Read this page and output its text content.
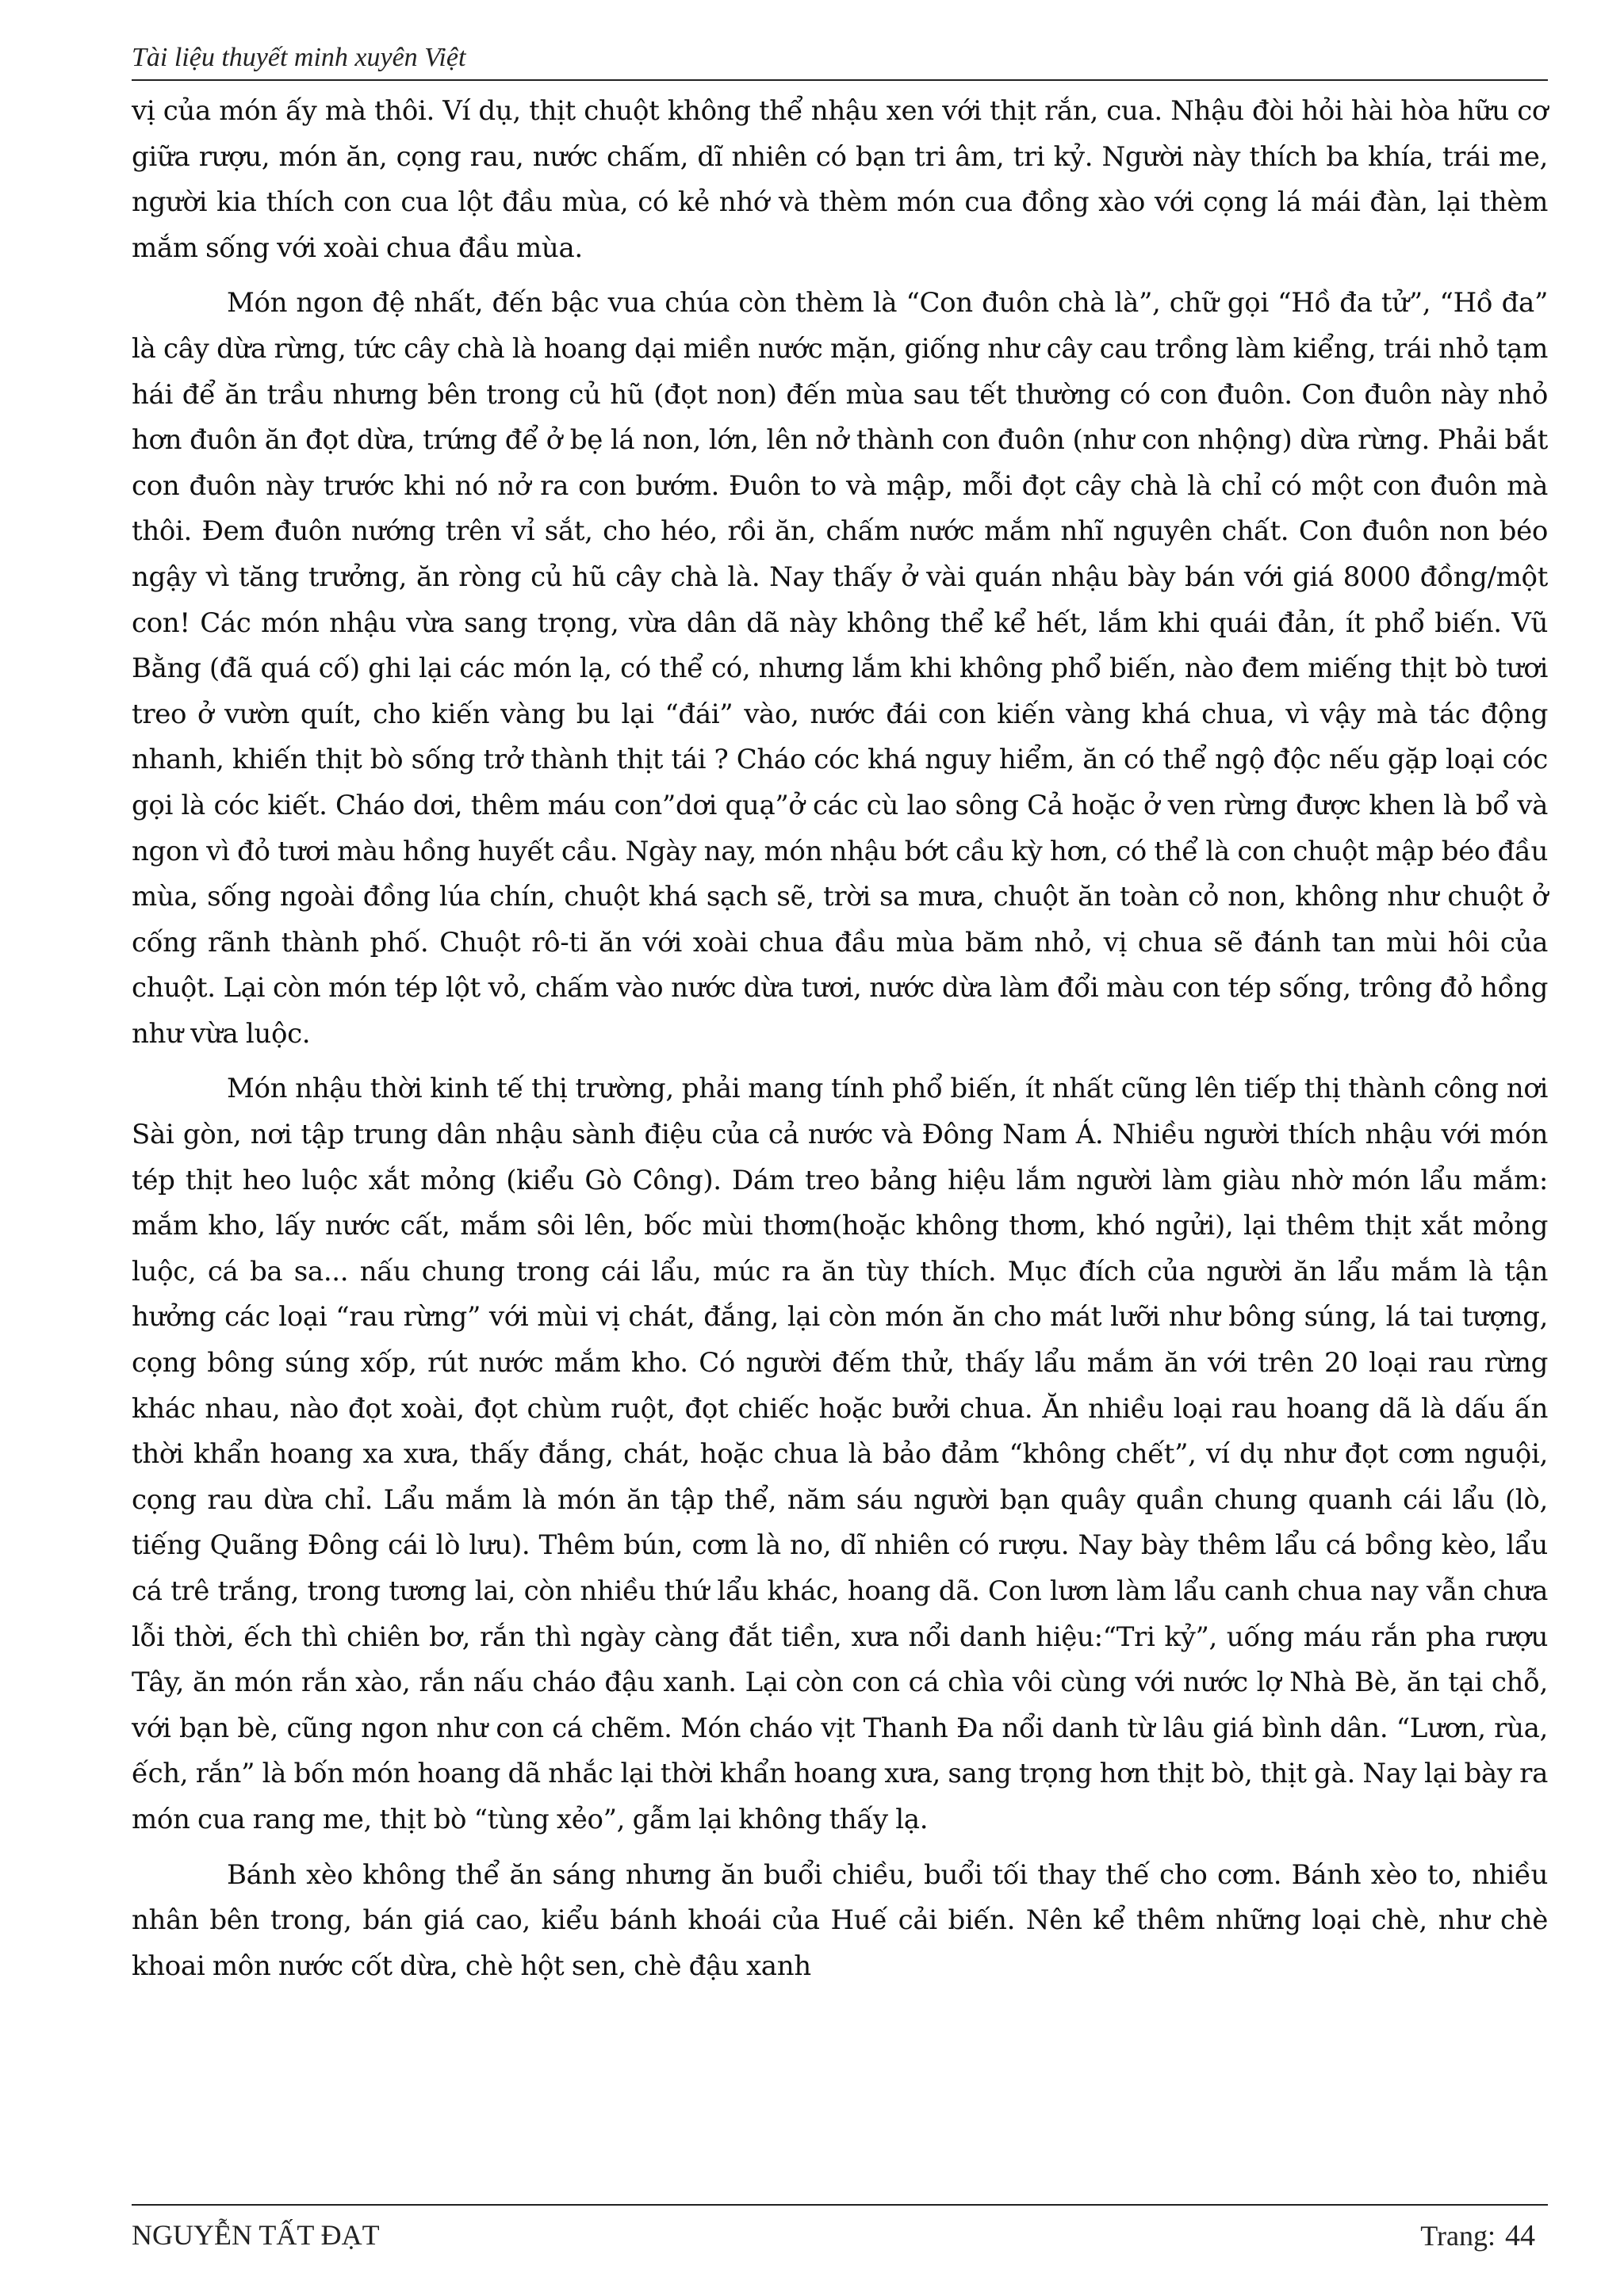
Tài liệu thuyết minh xuyên Việt

vị của món ấy mà thôi. Ví dụ, thịt chuột không thể nhậu xen với thịt rắn, cua. Nhậu đòi hỏi hài hòa hữu cơ giữa rượu, món ăn, cọng rau, nước chấm, dĩ nhiên có bạn tri âm, tri kỷ. Người này thích ba khía, trái me, người kia thích con cua lột đầu mùa, có kẻ nhớ và thèm món cua đồng xào với cọng lá mái đàn, lại thèm mắm sống với xoài chua đầu mùa.

Món ngon đệ nhất, đến bậc vua chúa còn thèm là “Con đuôn chà là”, chữ gọi “Hồ đa tử”, “Hồ đa” là cây dừa rừng, tức cây chà là hoang dại miền nước mặn, giống như cây cau trồng làm kiểng, trái nhỏ tạm hái để ăn trầu nhưng bên trong củ hũ (đọt non) đến mùa sau tết thường có con đuôn. Con đuôn này nhỏ hơn đuôn ăn đọt dừa, trứng để ở bẹ lá non, lớn, lên nở thành con đuôn (như con nhộng) dừa rừng. Phải bắt con đuôn này trước khi nó nở ra con bướm. Đuôn to và mập, mỗi đọt cây chà là chỉ có một con đuôn mà thôi. Đem đuôn nướng trên vỉ sắt, cho héo, rồi ăn, chấm nước mắm nhĩ nguyên chất. Con đuôn non béo ngậy vì tăng trưởng, ăn ròng củ hũ cây chà là. Nay thấy ở vài quán nhậu bày bán với giá 8000 đồng/một con! Các món nhậu vừa sang trọng, vừa dân dã này không thể kể hết, lắm khi quái đản, ít phổ biến. Vũ Bằng (đã quá cố) ghi lại các món lạ, có thể có, nhưng lắm khi không phổ biến, nào đem miếng thịt bò tươi treo ở vườn quít, cho kiến vàng bu lại “đái” vào, nước đái con kiến vàng khá chua, vì vậy mà tác động nhanh, khiến thịt bò sống trở thành thịt tái ? Cháo cóc khá nguy hiểm, ăn có thể ngộ độc nếu gặp loại cóc gọi là cóc kiết. Cháo dơi, thêm máu con”dơi quạ”ở các cù lao sông Cả hoặc ở ven rừng được khen là bổ và ngon vì đỏ tươi màu hồng huyết cầu. Ngày nay, món nhậu bớt cầu kỳ hơn, có thể là con chuột mập béo đầu mùa, sống ngoài đồng lúa chín, chuột khá sạch sẽ, trời sa mưa, chuột ăn toàn cỏ non, không như chuột ở cống rãnh thành phố. Chuột rô-ti ăn với xoài chua đầu mùa băm nhỏ, vị chua sẽ đánh tan mùi hôi của chuột. Lại còn món tép lột vỏ, chấm vào nước dừa tươi, nước dừa làm đổi màu con tép sống, trông đỏ hồng như vừa luộc.

Món nhậu thời kinh tế thị trường, phải mang tính phổ biến, ít nhất cũng lên tiếp thị thành công nơi Sài gòn, nơi tập trung dân nhậu sành điệu của cả nước và Đông Nam Á. Nhiều người thích nhậu với món tép thịt heo luộc xắt mỏng (kiểu Gò Công). Dám treo bảng hiệu lắm người làm giàu nhờ món lẩu mắm: mắm kho, lấy nước cất, mắm sôi lên, bốc mùi thơm(hoặc không thơm, khó ngửi), lại thêm thịt xắt mỏng luộc, cá ba sa... nấu chung trong cái lẩu, múc ra ăn tùy thích. Mục đích của người ăn lẩu mắm là tận hưởng các loại “rau rừng” với mùi vị chát, đắng, lại còn món ăn cho mát lưỡi như bông súng, lá tai tượng, cọng bông súng xốp, rút nước mắm kho. Có người đếm thử, thấy lẩu mắm ăn với trên 20 loại rau rừng khác nhau, nào đọt xoài, đọt chùm ruột, đọt chiếc hoặc bưởi chua. Ăn nhiều loại rau hoang dã là dấu ấn thời khẩn hoang xa xưa, thấy đắng, chát, hoặc chua là bảo đảm “không chết”, ví dụ như đọt cơm nguội, cọng rau dừa chỉ. Lẩu mắm là món ăn tập thể, năm sáu người bạn quây quần chung quanh cái lẩu (lò, tiếng Quãng Đông cái lò lưu). Thêm bún, cơm là no, dĩ nhiên có rượu. Nay bày thêm lẩu cá bồng kèo, lẩu cá trê trắng, trong tương lai, còn nhiều thứ lẩu khác, hoang dã. Con lươn làm lẩu canh chua nay vẫn chưa lỗi thời, ếch thì chiên bơ, rắn thì ngày càng đắt tiền, xưa nổi danh hiệu:“Tri kỷ”, uống máu rắn pha rượu Tây, ăn món rắn xào, rắn nấu cháo đậu xanh. Lại còn con cá chìa vôi cùng với nước lợ Nhà Bè, ăn tại chỗ, với bạn bè, cũng ngon như con cá chẽm. Món cháo vịt Thanh Đa nổi danh từ lâu giá bình dân. “Lươn, rùa, ếch, rắn” là bốn món hoang dã nhắc lại thời khẩn hoang xưa, sang trọng hơn thịt bò, thịt gà. Nay lại bày ra món cua rang me, thịt bò “tùng xẻo”, gẫm lại không thấy lạ.

Bánh xèo không thể ăn sáng nhưng ăn buổi chiều, buổi tối thay thế cho cơm. Bánh xèo to, nhiều nhân bên trong, bán giá cao, kiểu bánh khoái của Huế cải biến. Nên kể thêm những loại chè, như chè khoai môn nước cốt dừa, chè hột sen, chè đậu xanh

NGUYỄN TẤT ĐẠT	Trang: 44
